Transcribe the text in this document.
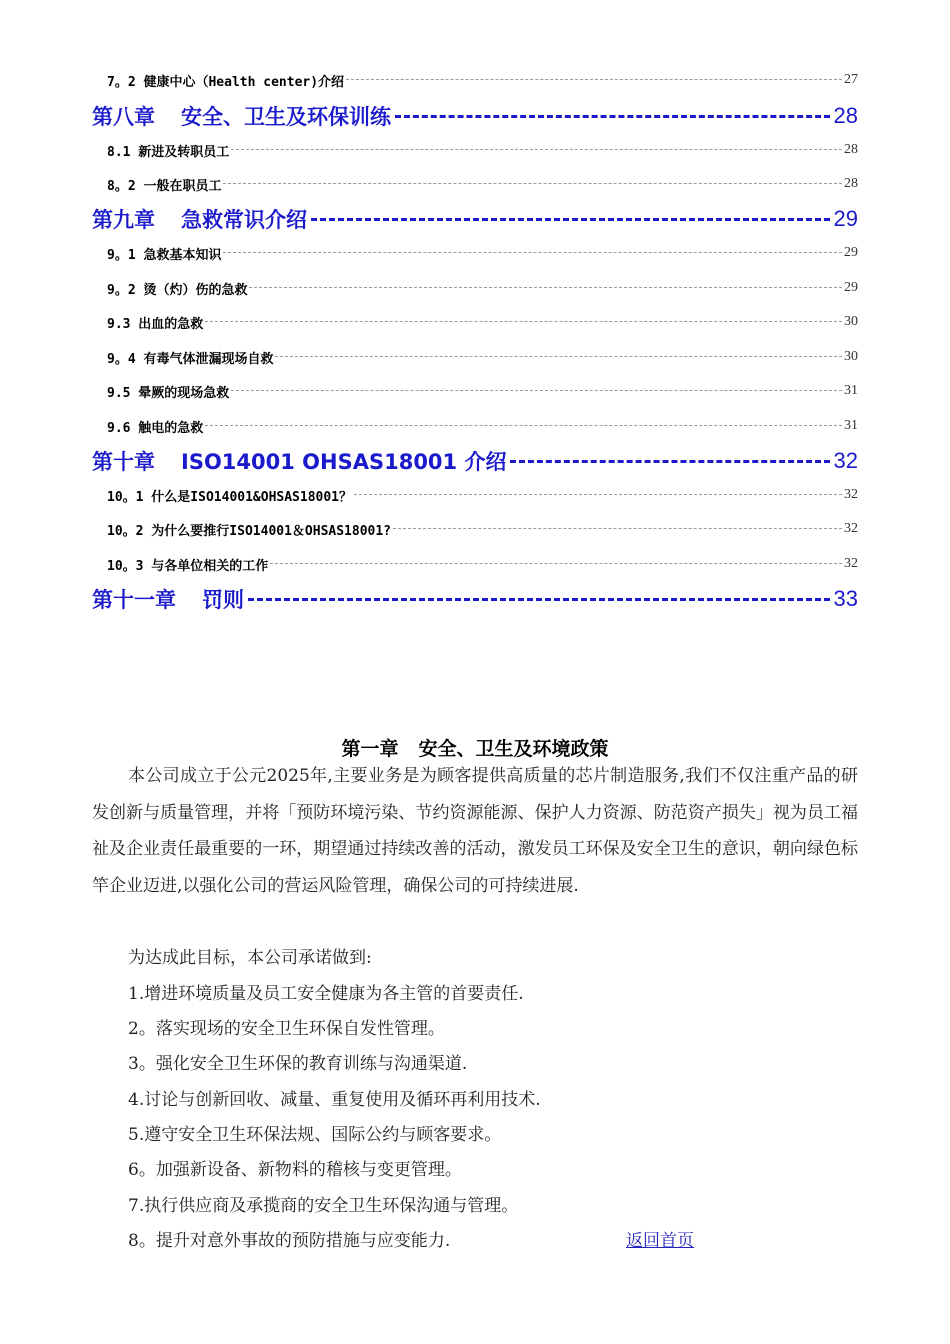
7。2 健康中心（Health center)介绍	27
第八章 安全、卫生及环保训练	28
8.1 新进及转职员工	28
8。2 一般在职员工	28
第九章 急救常识介绍	29
9。1 急救基本知识	29
9。2 烫（灼）伤的急救	29
9.3 出血的急救	30
9。4 有毒气体泄漏现场自救	30
9.5 晕厥的现场急救	31
9.6 触电的急救	31
第十章 ISO14001 OHSAS18001 介绍	32
10。1 什么是ISO14001&OHSAS18001？	32
10。2 为什么要推行ISO14001＆OHSAS18001?	32
10。3 与各单位相关的工作	32
第十一章 罚则	33
第一章 安全、卫生及环境政策

本公司成立于公元2025年,主要业务是为顾客提供高质量的芯片制造服务,我们不仅注重产品的研发创新与质量管理，并将「预防环境污染、节约资源能源、保护人力资源、防范资产损失」视为员工福祉及企业责任最重要的一环，期望通过持续改善的活动，激发员工环保及安全卫生的意识，朝向绿色标竿企业迈进,以强化公司的营运风险管理，确保公司的可持续进展.

为达成此目标，本公司承诺做到:
1.增进环境质量及员工安全健康为各主管的首要责任.
2。落实现场的安全卫生环保自发性管理。
3。强化安全卫生环保的教育训练与沟通渠道.
4.讨论与创新回收、减量、重复使用及循环再利用技术.
5.遵守安全卫生环保法规、国际公约与顾客要求。
6。加强新设备、新物料的稽核与变更管理。
7.执行供应商及承揽商的安全卫生环保沟通与管理。
8。提升对意外事故的预防措施与应变能力.	返回首页
